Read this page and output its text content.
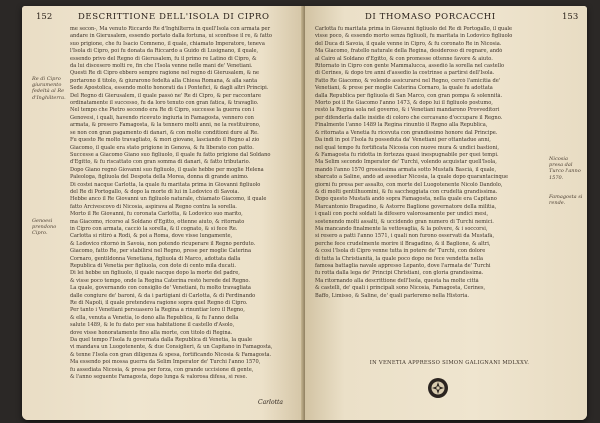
152	DESCRITTIONE DELL'ISOLA DI CIPRO
Re di Cipro giuramento fedeltà al Re d'Inghilterra.
Genoesi prendono Cipro.
me secon-, Ma venuto Riccardo Re d'Inghilterra in quell'Isola con armata per
andare in Gierusalem, essendo portato dalla fortuna, ui sconfisse il re, & fatto
suo prigione, che fu Isacio Comneno, il quale, chiamato Imperatore, teneva
l'Isola di Cipro, poi fu donata da Riccardo a Guido di Lusignano, il quale,
essendo privo del Regno di Gierusalem, fu il primo re Latino di Cipro, &
da lui discesero molti re, fin che l'Isola venne nelle mani de' Venetiani.
Questi Re di Cipro ebbero sempre ragione nel regno di Gierusalem, & ne
portarono il titolo, & giurarono fedeltà alla Chiesa Romana, & alla santa
Sede Apostolica, essendo molto honorati da i Pontefici, & dagli altri Principi.
Del Regno di Gierusalem, il quale passò ne' Re di Cipro, & per raccontare
ordinatamente il successo, fu da loro tenuto con gran fatica, & travaglio.
Nel tempo che Pietro secondo era Re di Cipro, successe la guerra con i
Genovesi, i quali, havendo ricevuto ingiuria in Famagosta, vennero con
armata, & presero Famagosta, & la tennero molti anni, ne la restituirono,
se non con gran pagamento di danari, & con molte conditioni dure al Re.
Fu questo Re molto travagliato, & morì giovane, lasciando il Regno al zio
Giacomo, il quale era stato prigione in Genova, & fu liberato con patto.
Successe a Giacomo Giano suo figliuolo, il quale fu fatto prigione dal Soldano
d'Egitto, & fu riscattato con gran somma di danari, & fatto tributario.
Dopo Giano regnò Giovanni suo figliuolo, il quale hebbe per moglie Helena
Paleologa, figliuola del Despota della Morea, donna di grande animo.
Di costei nacque Carlotta, la quale fu maritata prima in Giovanni figliuolo
del Re di Portogallo, & dopo la morte di lui in Lodovico di Savoia.
Hebbe anco il Re Giovanni un figliuolo naturale, chiamato Giacomo, il quale
fatto Arcivescovo di Nicosia, aspirava al Regno contra la sorella.
Morto il Re Giovanni, fu coronata Carlotta, & Lodovico suo marito,
ma Giacomo, ricorso al Soldano d'Egitto, ottenne aiuto, & ritornato
in Cipro con armata, cacciò la sorella, & il cognato, & si fece Re.
Carlotta si ritirò a Rodi, & poi a Roma, dove visse lungamente,
& Lodovico ritornò in Savoia, non potendo ricuperare il Regno perduto.
Giacomo, fatto Re, per stabilirsi nel Regno, prese per moglie Caterina
Cornaro, gentildonna Venetiana, figliuola di Marco, adottata dalla
Republica di Venetia per figliuola, con dote di cento mila ducati.
Di lei hebbe un figliuolo, il quale nacque dopo la morte del padre,
& visse poco tempo, onde la Regina Caterina restò herede del Regno.
La quale, governando con consiglio de' Venetiani, fu molto travagliata
dalle congiure de' baroni, & da i partigiani di Carlotta, & di Ferdinando
Re di Napoli, il quale pretendeva ragione sopra quel Regno di Cipro.
Per tanto i Venetiani persuasero la Regina a rinuntiar loro il Regno,
& ella, venuta a Venetia, lo donò alla Republica, & fu l'anno della
salute 1489, & le fu dato per sua habitatione il castello d'Asolo,
dove visse honoratamente fino alla morte, con titolo di Regina.
Da quel tempo l'Isola fu governata dalla Republica di Venetia, la quale
vi mandava un Luogotenente, & due Consiglieri, & un Capitano in Famagosta,
& tenne l'Isola con gran diligenza & spesa, fortificando Nicosia & Famagosta.
Ma essendo poi mossa guerra da Selim Imperator de' Turchi l'anno 1570,
fu assediata Nicosia, & presa per forza, con grande uccisione di gente,
& l'anno seguente Famagosta, dopo lunga & valorosa difesa, si rese.
Carlotta
DI THOMASO PORCACCHI	153
Carlotta fu maritata prima in Giovanni figliuolo del Re di Portogallo, il quale
visse poco, & essendo morto senza figliuoli, fu maritata in Lodovico figliuolo
del Duca di Savoia, il quale venne in Cipro, & fu coronato Re in Nicosia.
Ma Giacomo, fratello naturale della Regina, desideroso di regnare, andò
al Cairo al Soldano d'Egitto, & con promesse ottenne favore & aiuto.
Ritornato in Cipro con gente Mammalucca, assediò la sorella nel castello
di Cerines, & dopo tre anni d'assedio la costrinse a partirsi dell'Isola.
Fatto Re Giacomo, & volendo assicurarsi nel Regno, cercò l'amicitia de'
Venetiani, & prese per moglie Caterina Cornaro, la quale fu adottata
dalla Republica per figliuola di San Marco, con gran pompa & solennità.
Morto poi il Re Giacomo l'anno 1473, & dopo lui il figliuolo postumo,
restò la Regina sola nel governo, & i Venetiani mandarono Provveditori
per difenderla dalle insidie di coloro che cercavano d'occupare il Regno.
Finalmente l'anno 1489 la Regina rinuntiò il Regno alla Republica,
& ritornata a Venetia fu ricevuta con grandissimo honore dal Principe.
Da indi in poi l'Isola fu posseduta da' Venetiani per ottantadue anni,
nel qual tempo fu fortificata Nicosia con nuove mura & undici bastioni,
& Famagosta fu ridotta in fortezza quasi inespugnabile per quei tempi.
Ma Selim secondo Imperator de' Turchi, volendo acquistar quell'Isola,
mandò l'anno 1570 grossissima armata sotto Mustafà Bascià, il quale,
sbarcato a Saline, andò ad assediar Nicosia, la quale dopo quarantacinque
giorni fu presa per assalto, con morte del Luogotenente Nicolò Dandolo,
& di molti gentilhuomini, & fu saccheggiata con crudeltà grandissima.
Dopo questo Mustafà andò sopra Famagosta, nella quale era Capitano
Marcantonio Bragadino, & Astorre Baglione governatore della militia,
i quali con pochi soldati la difesero valorosamente per undici mesi,
sostenendo molti assalti, & uccidendo gran numero di Turchi nemici.
Ma mancando finalmente la vettovaglia, & la polvere, & i soccorsi,
si resero a patti l'anno 1571, i quali non furono osservati da Mustafà,
perche fece crudelmente morire il Bragadino, & il Baglione, & altri,
& così l'Isola di Cipro venne tutta in potere de' Turchi, con dolore
di tutta la Christianità, la quale poco dopo ne fece vendetta nella
famosa battaglia navale appresso Lepanto, dove l'armata de' Turchi
fu rotta dalla lega de' Principi Christiani, con gloria grandissima.
Ma ritornando alla descrittione dell'Isola, questa ha molte città
& castelli, de' quali i principali sono Nicosia, Famagosta, Cerines,
Baffo, Limisso, & Saline, de' quali parleremo nella Historia.
Nicosia presa dal Turco l'anno 1570.
Famagosta si rende.
IN VENETIA APPRESSO SIMON GALIGNANI MDLXXV.
